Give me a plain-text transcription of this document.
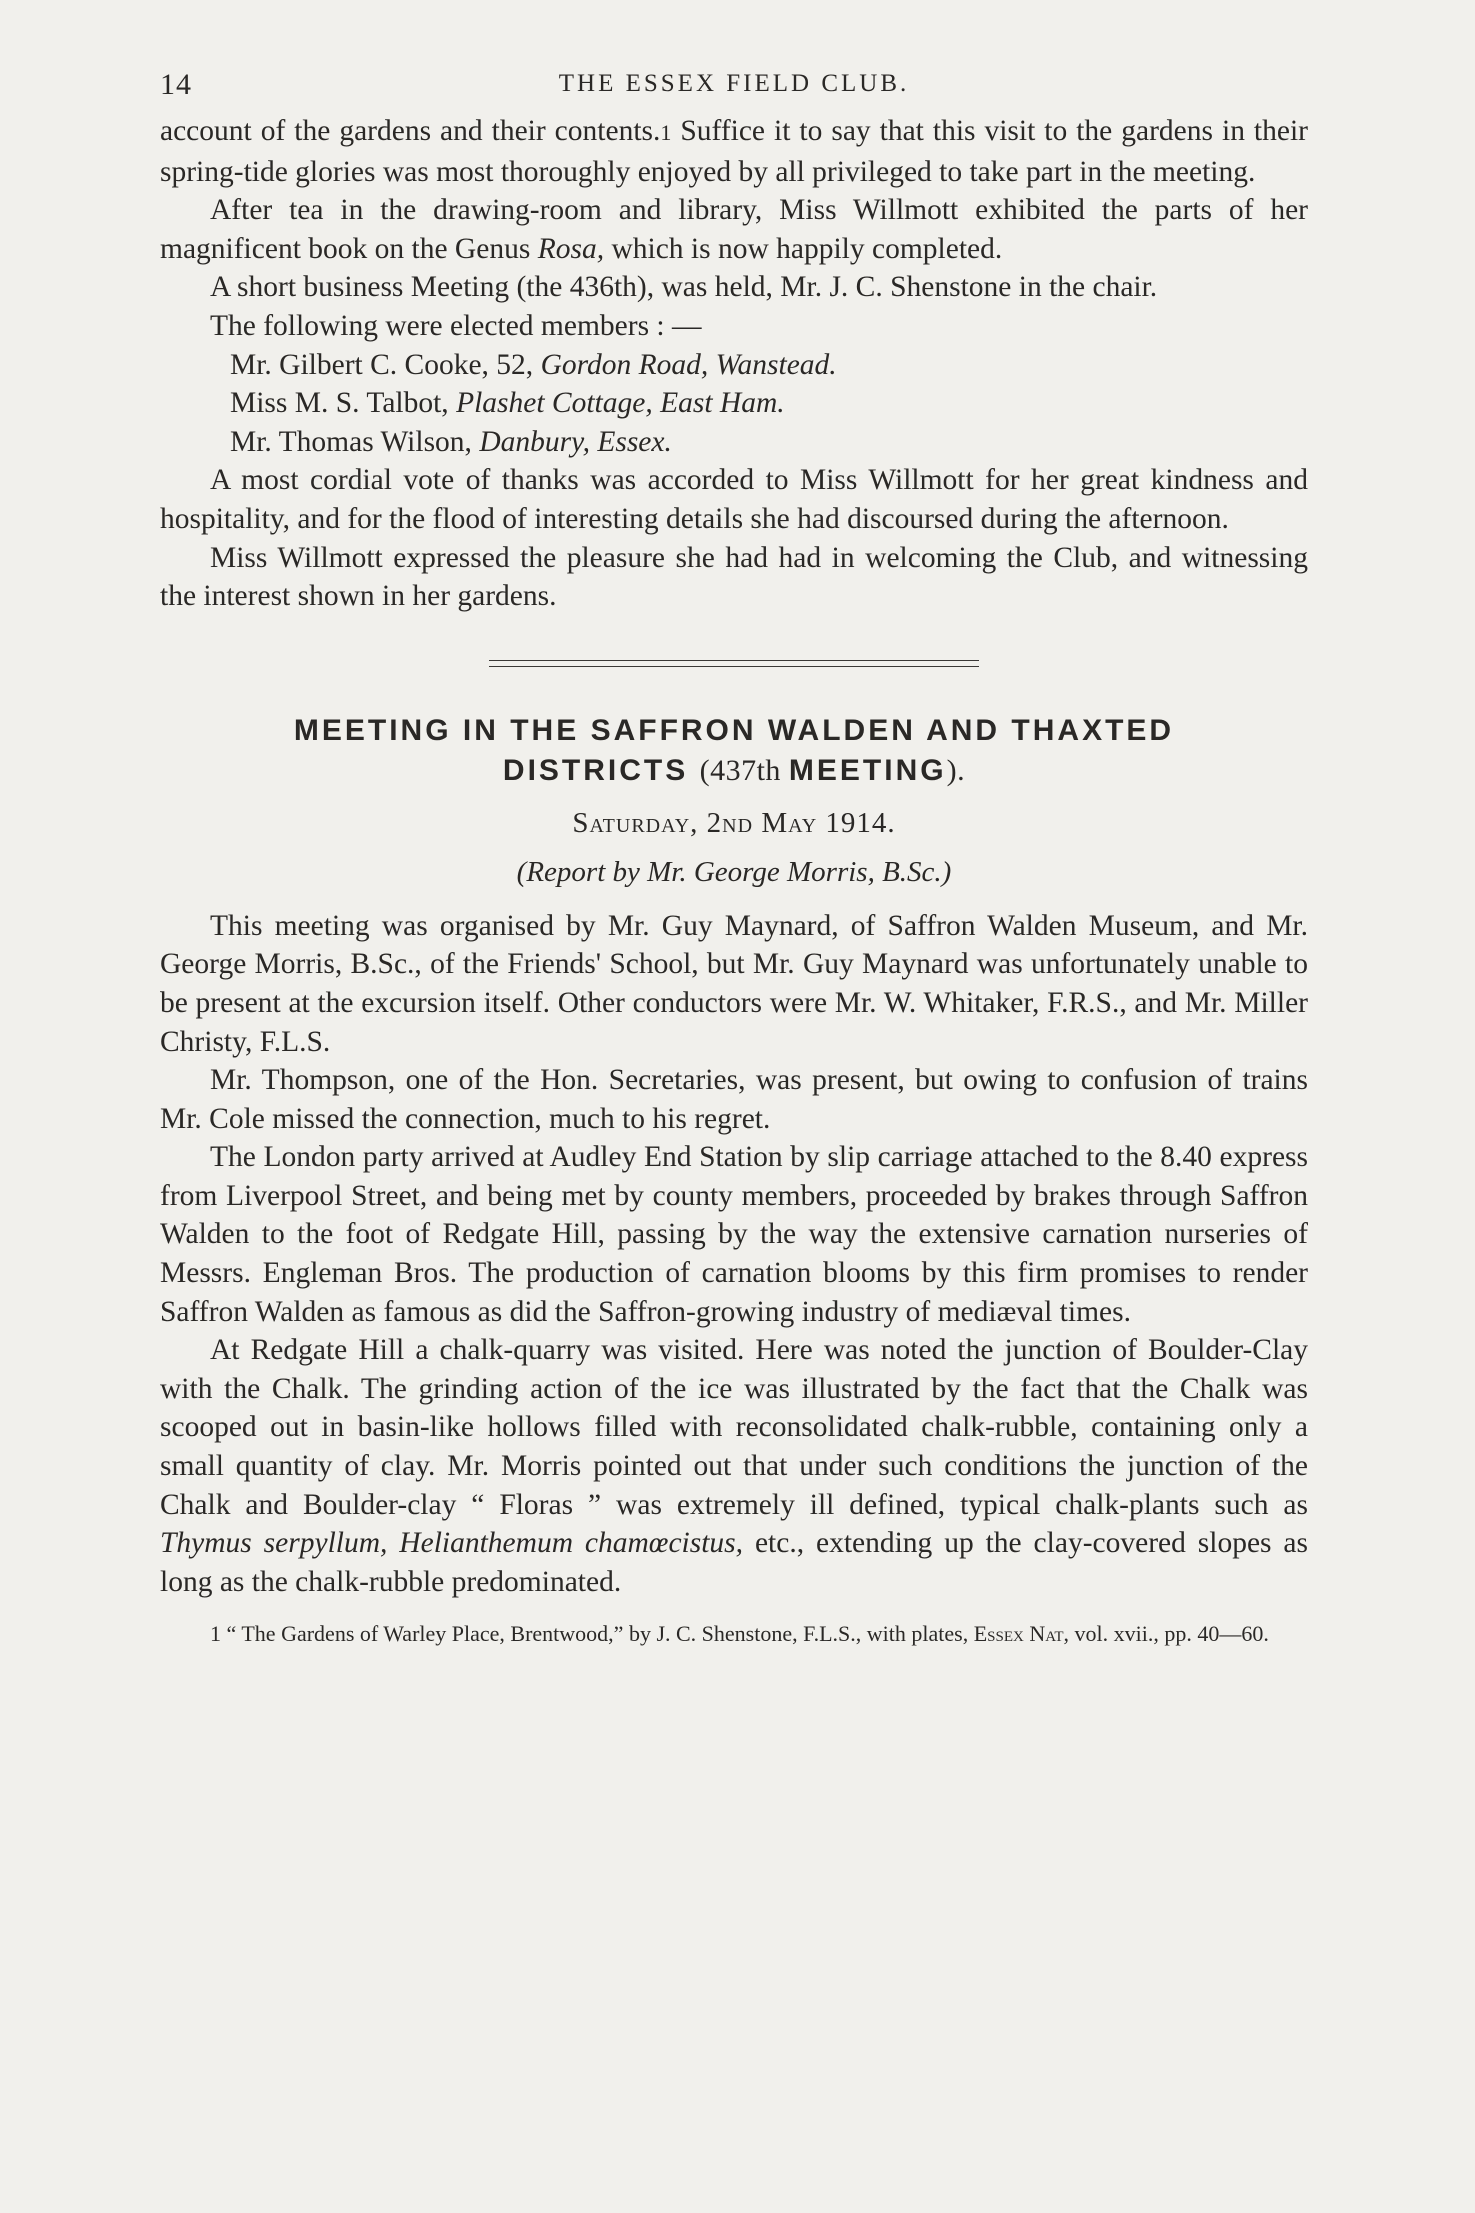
14	THE ESSEX FIELD CLUB.

account of the gardens and their contents.1 Suffice it to say that this visit to the gardens in their spring-tide glories was most thoroughly enjoyed by all privileged to take part in the meeting.

After tea in the drawing-room and library, Miss Willmott exhibited the parts of her magnificent book on the Genus Rosa, which is now happily completed.

A short business Meeting (the 436th), was held, Mr. J. C. Shenstone in the chair.

The following were elected members : —

Mr. Gilbert C. Cooke, 52, Gordon Road, Wanstead.
Miss M. S. Talbot, Plashet Cottage, East Ham.
Mr. Thomas Wilson, Danbury, Essex.

A most cordial vote of thanks was accorded to Miss Willmott for her great kindness and hospitality, and for the flood of interesting details she had discoursed during the afternoon.

Miss Willmott expressed the pleasure she had had in welcoming the Club, and witnessing the interest shown in her gardens.

MEETING IN THE SAFFRON WALDEN AND THAXTED
DISTRICTS (437th MEETING).
Saturday, 2nd May 1914.
(Report by Mr. George Morris, B.Sc.)

This meeting was organised by Mr. Guy Maynard, of Saffron Walden Museum, and Mr. George Morris, B.Sc., of the Friends' School, but Mr. Guy Maynard was unfortunately unable to be present at the excursion itself. Other conductors were Mr. W. Whitaker, F.R.S., and Mr. Miller Christy, F.L.S.

Mr. Thompson, one of the Hon. Secretaries, was present, but owing to confusion of trains Mr. Cole missed the connection, much to his regret.

The London party arrived at Audley End Station by slip carriage attached to the 8.40 express from Liverpool Street, and being met by county members, proceeded by brakes through Saffron Walden to the foot of Redgate Hill, passing by the way the extensive carnation nurseries of Messrs. Engleman Bros. The production of carnation blooms by this firm promises to render Saffron Walden as famous as did the Saffron-growing industry of mediæval times.

At Redgate Hill a chalk-quarry was visited. Here was noted the junction of Boulder-Clay with the Chalk. The grinding action of the ice was illustrated by the fact that the Chalk was scooped out in basin-like hollows filled with reconsolidated chalk-rubble, containing only a small quantity of clay. Mr. Morris pointed out that under such conditions the junction of the Chalk and Boulder-clay “ Floras ” was extremely ill defined, typical chalk-plants such as Thymus serpyllum, Helianthemum chamœcistus, etc., extending up the clay-covered slopes as long as the chalk-rubble predominated.

1 “ The Gardens of Warley Place, Brentwood,” by J. C. Shenstone, F.L.S., with plates, Essex Nat, vol. xvii., pp. 40—60.
